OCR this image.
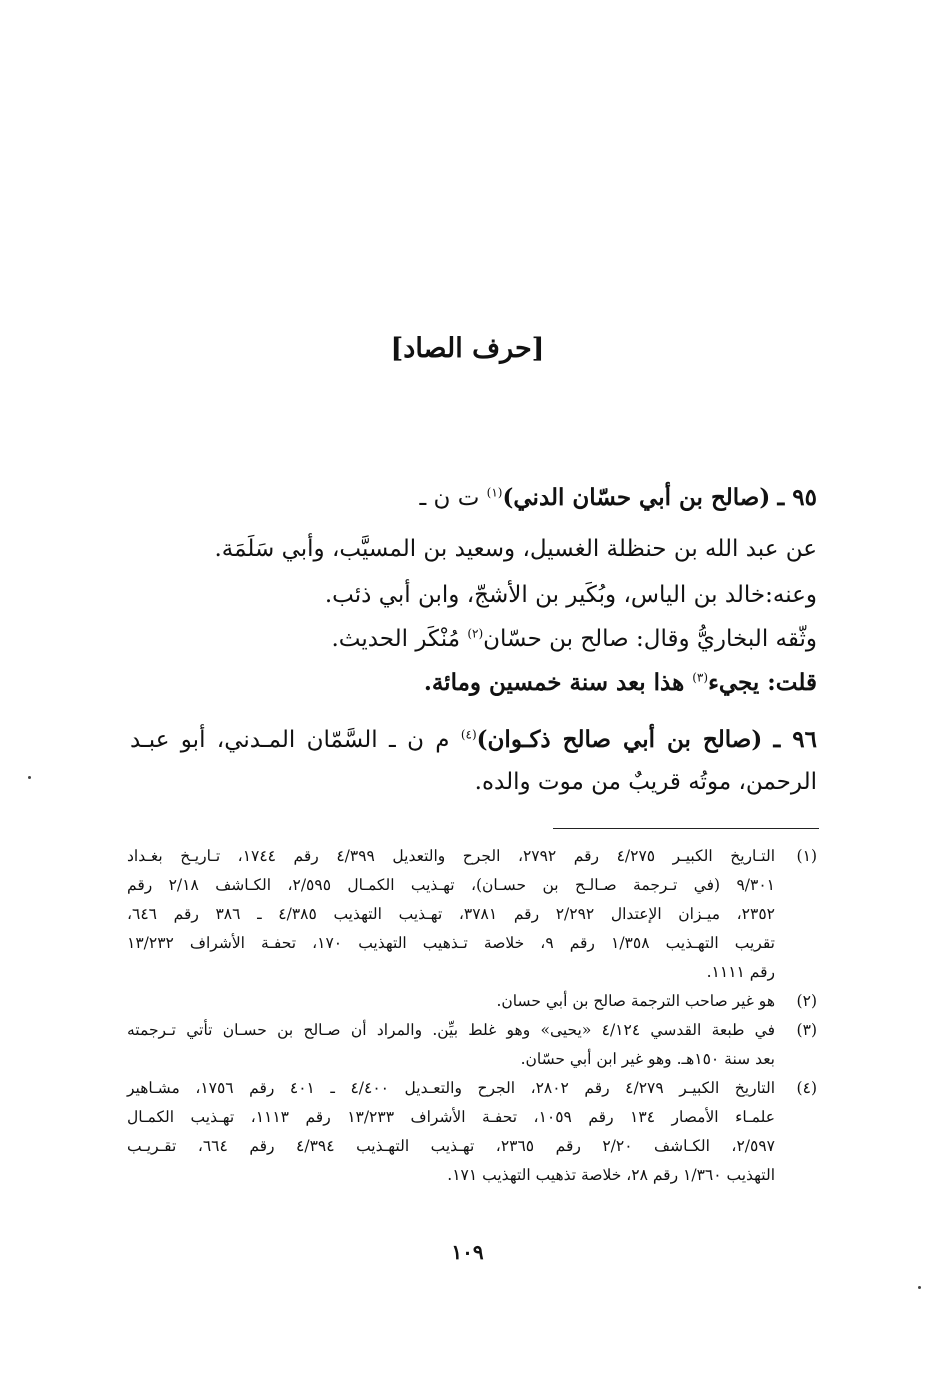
[حرف الصاد]

٩٥ ـ (صالح بن أبي حسّان الدني)$^{(١)}$ ت ن ـ

عن عبد الله بن حنظلة الغسيل، وسعيد بن المسيَّب، وأبي سَلَمَة.

وعنه:خالد بن الياس، وبُكَير بن الأشجّ، وابن أبي ذئب.

وثّقه البخاريُّ وقال: صالح بن حسّان$^{(٢)}$ مُنْكَر الحديث.

قلت: يجيء$^{(٣)}$ هذا بعد سنة خمسين ومائة.

٩٦ ـ (صالح بن أبي صالح ذكـوان)$^{(٤)}$ م ن ـ السَّمّان المـدني، أبو عبـد

الرحمن، موتُه قريبٌ من موت والده.

(١)
التـاريخ الكبيـر ٤/٢٧٥ رقم ٢٧٩٢، الجرح والتعديل ٤/٣٩٩ رقم ١٧٤٤، تـاريـخ بغـداد
٩/٣٠١ (في تـرجمة صـالـح بن حسـان)، تهـذيب الكمـال ٢/٥٩٥، الكـاشف ٢/١٨ رقم
٢٣٥٢، ميـزان الإعتدال ٢/٢٩٢ رقم ٣٧٨١، تهـذيب التهذيب ٤/٣٨٥ ـ ٣٨٦ رقم ٦٤٦،
تقريب التهـذيب ١/٣٥٨ رقم ٩، خلاصة تـذهيب التهذيب ١٧٠، تحفـة الأشراف ١٣/٢٣٢
رقم ١١١١.
(٢)
هو غير صاحب الترجمة صالح بن أبي حسان.
(٣)
في طبعة القدسي ٤/١٢٤ «يحيى» وهو غلط بيِّن. والمراد أن صـالح بن حسـان تأتي تـرجمته
بعد سنة ١٥٠هـ. وهو غير ابن أبي حسّان.
(٤)
التاريخ الكبيـر ٤/٢٧٩ رقم ٢٨٠٢، الجرح والتعـديل ٤/٤٠٠ ـ ٤٠١ رقم ١٧٥٦، مشـاهير
علمـاء الأمصار ١٣٤ رقم ١٠٥٩، تحفـة الأشراف ١٣/٢٣٣ رقم ١١١٣، تهـذيب الكمـال
٢/٥٩٧، الكـاشف ٢/٢٠ رقم ٢٣٦٥، تهـذيب التهـذيب ٤/٣٩٤ رقم ٦٦٤، تقـريـب
التهذيب ١/٣٦٠ رقم ٢٨، خلاصة تذهيب التهذيب ١٧١.
١٠٩
